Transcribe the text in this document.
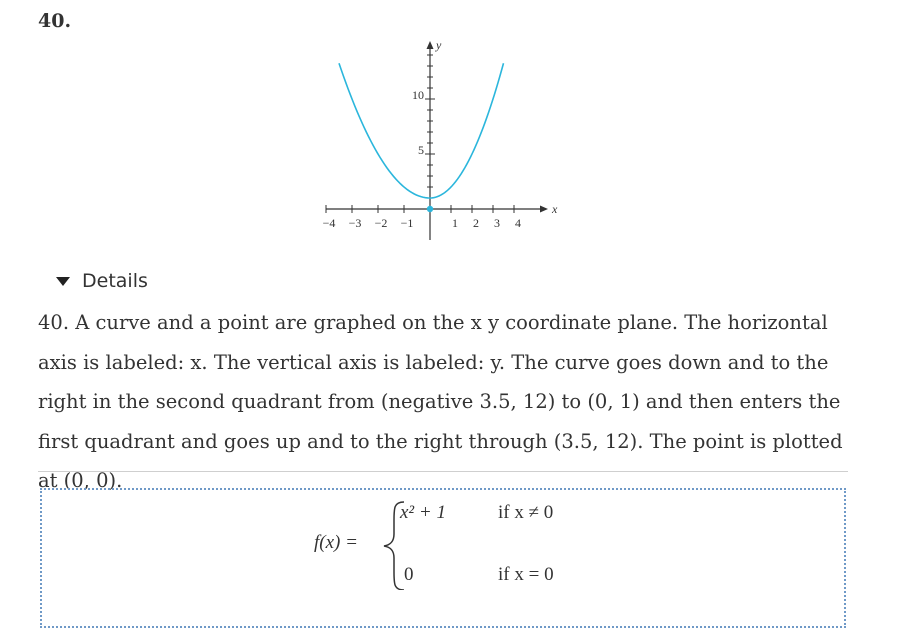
40.
x
y
−4 −3 −2 −1	1 2 3 4
10
5
Details
40. A curve and a point are graphed on the x y coordinate plane. The horizontal axis is labeled: x. The vertical axis is labeled: y. The curve goes down and to the right in the second quadrant from (negative 3.5, 12) to (0, 1) and then enters the first quadrant and goes up and to the right through (3.5, 12). The point is plotted at (0, 0).
f(x) =
x² + 1	if x ≠ 0
0	if x = 0
